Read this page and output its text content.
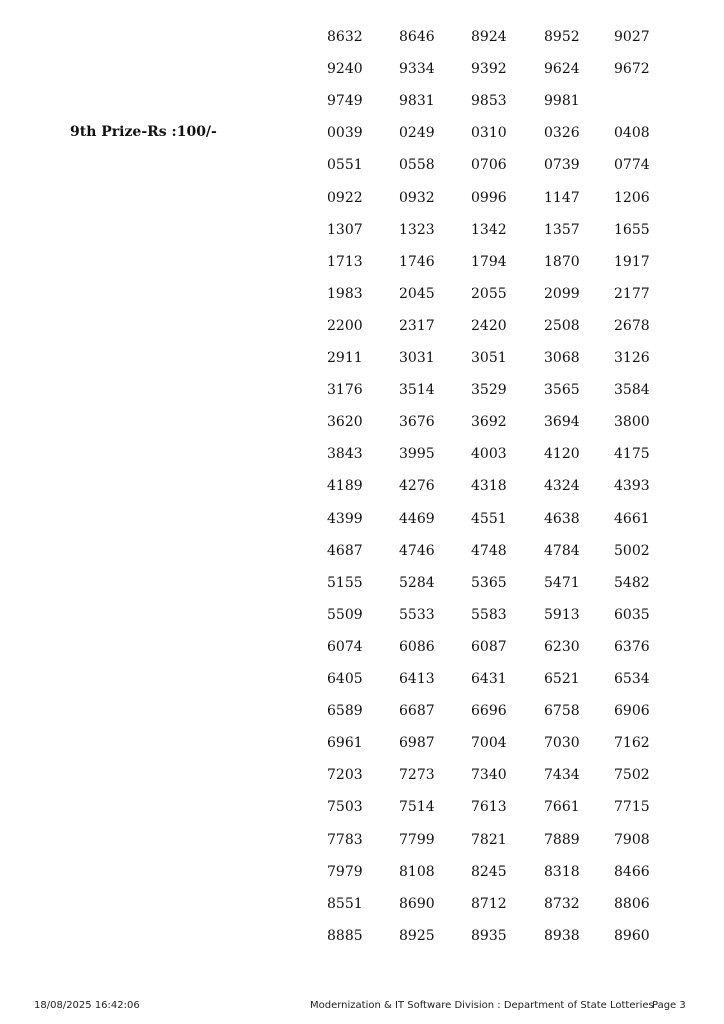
9th Prize-Rs :100/-
8632	8646	8924	8952 9027
9240	9334	9392	9624 9672
9749	9831	9853	9981
0039	0249	0310	0326 0408
0551	0558	0706	0739 0774
0922	0932	0996	1147 1206
1307	1323	1342	1357 1655
1713	1746	1794	1870 1917
1983	2045	2055	2099 2177
2200	2317	2420	2508 2678
2911	3031	3051	3068 3126
3176	3514	3529	3565 3584
3620	3676	3692	3694 3800
3843	3995	4003	4120 4175
4189	4276	4318	4324 4393
4399	4469	4551	4638 4661
4687	4746	4748	4784 5002
5155	5284	5365	5471 5482
5509	5533	5583	5913 6035
6074	6086	6087	6230 6376
6405	6413	6431	6521 6534
6589	6687	6696	6758 6906
6961	6987	7004	7030 7162
7203	7273	7340	7434 7502
7503	7514	7613	7661 7715
7783	7799	7821	7889 7908
7979	8108	8245	8318 8466
8551	8690	8712	8732 8806
8885	8925	8935	8938 8960
18/08/2025 16:42:06	Modernization & IT Software Division : Department of State Lotteries
Page 3
